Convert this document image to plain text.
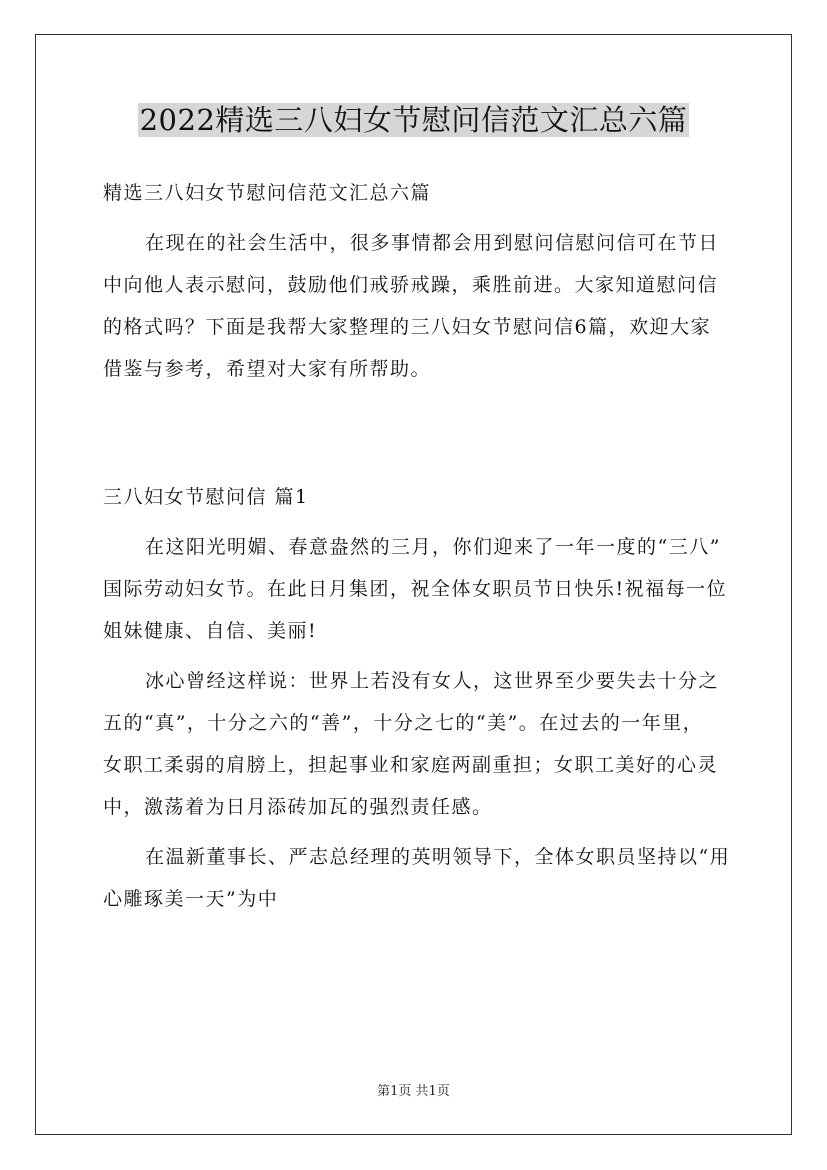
2022精选三八妇女节慰问信范文汇总六篇

精选三八妇女节慰问信范文汇总六篇

在现在的社会生活中，很多事情都会用到慰问信慰问信可在节日

中向他人表示慰问，鼓励他们戒骄戒躁，乘胜前进。大家知道慰问信

的格式吗？下面是我帮大家整理的三八妇女节慰问信6篇，欢迎大家

借鉴与参考，希望对大家有所帮助。

三八妇女节慰问信 篇1

在这阳光明媚、春意盎然的三月，你们迎来了一年一度的“三八”

国际劳动妇女节。在此日月集团，祝全体女职员节日快乐!祝福每一位

姐妹健康、自信、美丽!

冰心曾经这样说：世界上若没有女人，这世界至少要失去十分之

五的“真”，十分之六的“善”，十分之七的“美”。在过去的一年里，

女职工柔弱的肩膀上，担起事业和家庭两副重担；女职工美好的心灵

中，激荡着为日月添砖加瓦的强烈责任感。

在温新董事长、严志总经理的英明领导下，全体女职员坚持以“用

心雕琢美一天”为中

第1页 共1页
